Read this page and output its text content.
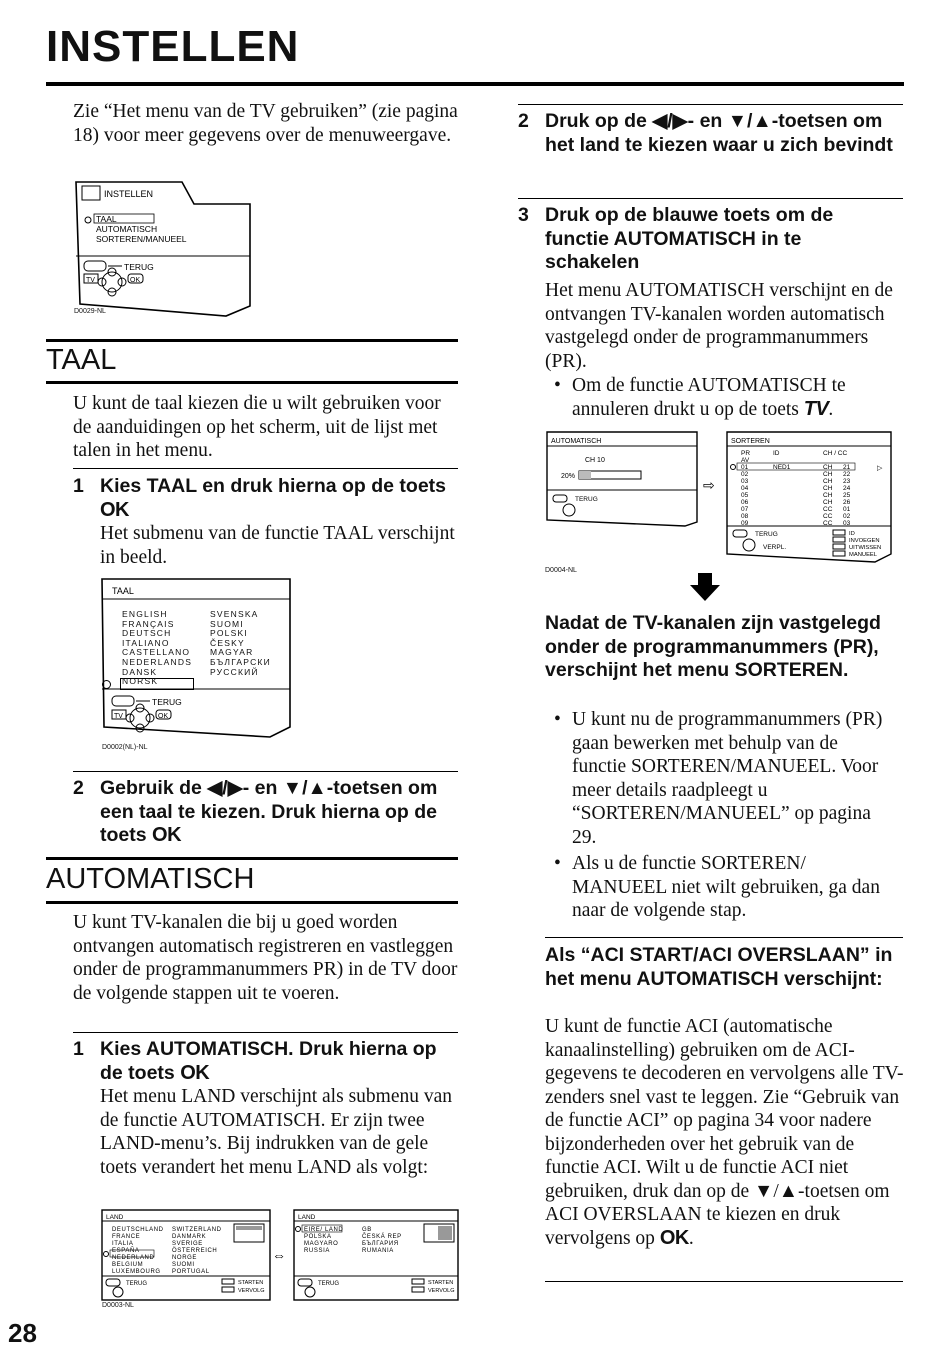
INSTELLEN
Zie “Het menu van de TV gebruiken” (zie pagina 18) voor meer gegevens over de menuweergave.
INSTELLEN
TAAL
AUTOMATISCH
SORTEREN/MANUEEL
TERUG
TV	OK
D0029-NL
TAAL
U kunt de taal kiezen die u wilt gebruiken voor de aanduidingen op het scherm, uit de lijst met talen in het menu.
1 Kies TAAL en druk hierna op de toets OK
Het submenu van de functie TAAL verschijnt in beeld.
TAAL
ENGLISH
FRANÇAIS
DEUTSCH
ITALIANO
CASTELLANO
NEDERLANDS
DANSK
NORSK
SVENSKA
SUOMI
POLSKI
ČESKY
MAGYAR
БЪЛГАРСКИ
РУССКИЙ
TERUG
TV	OK
D0002(NL)-NL
2 Gebruik de ◀/▶- en ▼/▲-toetsen om een taal te kiezen. Druk hierna op de toets OK
AUTOMATISCH
U kunt TV-kanalen die bij u goed worden ontvangen automatisch registreren en vastleggen onder de programmanummers PR) in de TV door de volgende stappen uit te voeren.
1 Kies AUTOMATISCH. Druk hierna op de toets OK
Het menu LAND verschijnt als submenu van de functie AUTOMATISCH. Er zijn twee LAND-menu’s. Bij indrukken van de gele toets verandert het menu LAND als volgt:
LAND
DEUTSCHLAND
FRANCE
ITALIA
ESPAÑA
NEDERLAND
BELGIUM
LUXEMBOURG
SWITZERLAND
DANMARK
SVERIGE
ÖSTERREICH
NORGE
SUOMI
PORTUGAL
TERUG	STARTEN
VERVOLG
⇔
LAND
EIRE/ LAND
POLSKA
MAGYARO
RUSSIA
GB
ČESKÁ REP
БЪЛГАРИЯ
RUMANIA
TERUG	STARTEN
VERVOLG
D0003-NL
28
2 Druk op de ◀/▶- en ▼/▲-toetsen om het land te kiezen waar u zich bevindt
3 Druk op de blauwe toets om de functie AUTOMATISCH in te schakelen
Het menu AUTOMATISCH verschijnt en de ontvangen TV-kanalen worden automatisch vastgelegd onder de programmanummers (PR).
• Om de functie AUTOMATISCH te annuleren drukt u op de toets TV.
AUTOMATISCH
CH 10
20%
TERUG
⇨
SORTEREN
PR
AV
ID	CH / CC
▷
01	NED1	CH 21
02	CH 22
03	CH 23
04	CH 24
05	CH 25
06	CH 26
07	CC 01
08	CC 02
09	CC 03
TERUG
VERPL.
ID
INVOEGEN
UITWISSEN
MANUEEL
D0004-NL
Nadat de TV-kanalen zijn vastgelegd onder de programmanummers (PR), verschijnt het menu SORTEREN.
• U kunt nu de programmanummers (PR) gaan bewerken met behulp van de functie SORTEREN/MANUEEL. Voor meer details raadpleegt u “SORTEREN/MANUEEL” op pagina 29.
• Als u de functie SORTEREN/ MANUEEL niet wilt gebruiken, ga dan naar de volgende stap.
Als “ACI START/ACI OVERSLAAN” in het menu AUTOMATISCH verschijnt:
U kunt de functie ACI (automatische kanaalinstelling) gebruiken om de ACI-gegevens te decoderen en vervolgens alle TV-zenders snel vast te leggen. Zie “Gebruik van de functie ACI” op pagina 34 voor nadere bijzonderheden over het gebruik van de functie ACI. Wilt u de functie ACI niet gebruiken, druk dan op de ▼/▲-toetsen om ACI OVERSLAAN te kiezen en druk vervolgens op OK.
